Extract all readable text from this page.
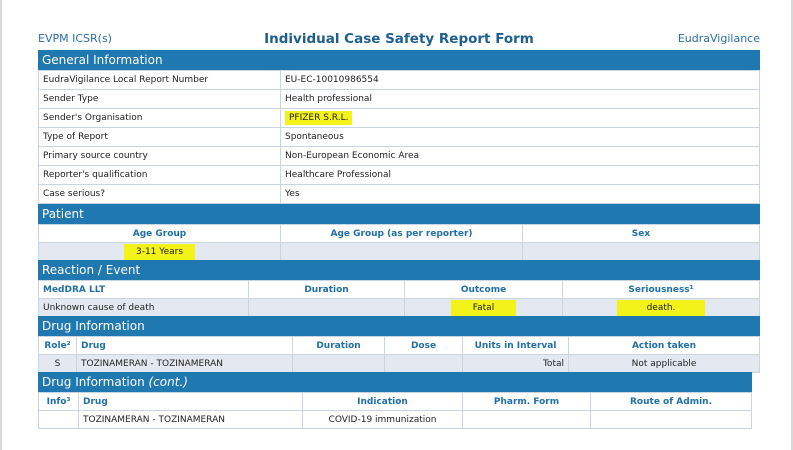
EVPM ICSR(s)	Individual Case Safety Report Form	EudraVigilance
General Information
EudraVigilance Local Report Number	EU-EC-10010986554
Sender Type	Health professional
Sender's Organisation	PFIZER S.R.L.
Type of Report	Spontaneous
Primary source country	Non-European Economic Area
Reporter's qualification	Healthcare Professional
Case serious?	Yes
Patient
Age Group	Age Group (as per reporter)	Sex
3-11 Years		
Reaction / Event
MedDRA LLT	Duration	Outcome	Seriousness¹
Unknown cause of death		Fatal	death.
Drug Information
Role²	Drug	Duration	Dose	Units in Interval	Action taken
S	TOZINAMERAN - TOZINAMERAN			Total	Not applicable
Drug Information (cont.)
Info³	Drug	Indication	Pharm. Form	Route of Admin.
	TOZINAMERAN - TOZINAMERAN	COVID-19 immunization		
